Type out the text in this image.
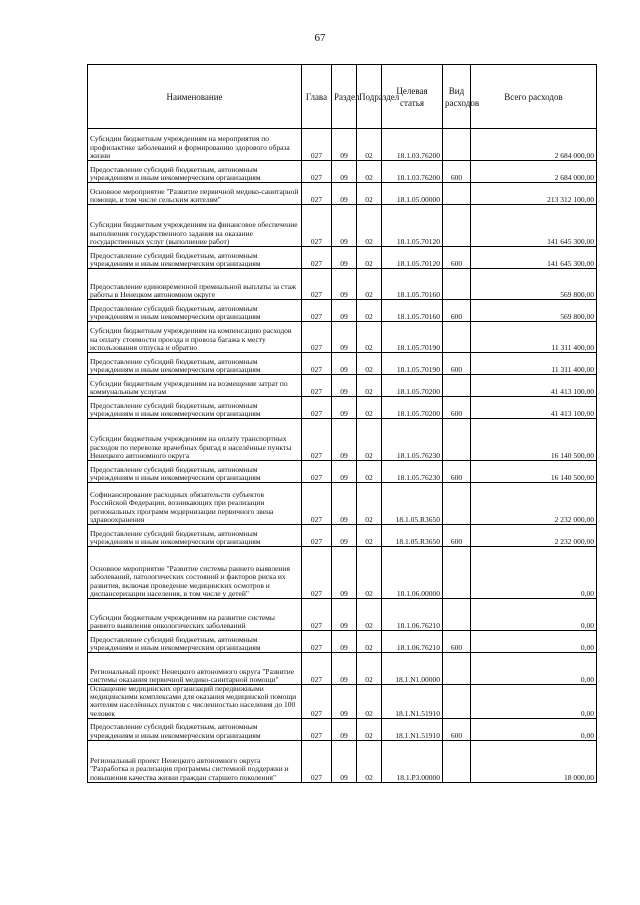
67
Наименование	Глава	Раздел	Подраздел	Целевая статья	Вид расходов	Всего расходов
Субсидии бюджетным учреждениям на мероприятия по профилактике заболеваний и формированию здорового образа жизни	027	09	02	18.1.03.76200		2 684 000,00
Предоставление субсидий бюджетным, автономным учреждениям и иным некоммерческим организациям	027	09	02	18.1.03.76200	600	2 684 000,00
Основное мероприятие "Развитие первичной медико-санитарной помощи, в том числе сельским жителям"	027	09	02	18.1.05.00000		213 312 100,00
Субсидии бюджетным учреждениям на финансовое обеспечение выполнения государственного задания на оказание государственных услуг (выполнение работ)	027	09	02	18.1.05.70120		141 645 300,00
Предоставление субсидий бюджетным, автономным учреждениям и иным некоммерческим организациям	027	09	02	18.1.05.70120	600	141 645 300,00
Предоставление единовременной премиальной выплаты за стаж работы в Ненецком автономном округе	027	09	02	18.1.05.70160		569 800,00
Предоставление субсидий бюджетным, автономным учреждениям и иным некоммерческим организациям	027	09	02	18.1.05.70160	600	569 800,00
Субсидии бюджетным учреждениям на компенсацию расходов на оплату стоимости проезда и провоза багажа к месту использования отпуска и обратно	027	09	02	18.1.05.70190		11 311 400,00
Предоставление субсидий бюджетным, автономным учреждениям и иным некоммерческим организациям	027	09	02	18.1.05.70190	600	11 311 400,00
Субсидии бюджетным учреждениям на возмещение затрат по коммунальным услугам	027	09	02	18.1.05.70200		41 413 100,00
Предоставление субсидий бюджетным, автономным учреждениям и иным некоммерческим организациям	027	09	02	18.1.05.70200	600	41 413 100,00
Субсидии бюджетным учреждениям на оплату транспортных расходов по перевозке врачебных бригад в населённые пункты Ненецкого автономного округа	027	09	02	18.1.05.76230		16 140 500,00
Предоставление субсидий бюджетным, автономным учреждениям и иным некоммерческим организациям	027	09	02	18.1.05.76230	600	16 140 500,00
Софинансирование расходных обязательств субъектов Российской Федерации, возникающих при реализации региональных программ модернизации первичного звена здравоохранения	027	09	02	18.1.05.R3650		2 232 000,00
Предоставление субсидий бюджетным, автономным учреждениям и иным некоммерческим организациям	027	09	02	18.1.05.R3650	600	2 232 000,00
Основное мероприятие "Развитие системы раннего выявления заболеваний, патологических состояний и факторов риска их развития, включая проведение медицинских осмотров и диспансеризации населения, в том числе у детей"	027	09	02	18.1.06.00000		0,00
Субсидии бюджетным учреждениям на развитие системы раннего выявления онкологических заболеваний	027	09	02	18.1.06.76210		0,00
Предоставление субсидий бюджетным, автономным учреждениям и иным некоммерческим организациям	027	09	02	18.1.06.76210	600	0,00
Региональный проект Ненецкого автономного округа "Развитие системы оказания первичной медико-санитарной помощи"	027	09	02	18.1.N1.00000		0,00
Оснащение медицинских организаций передвижными медицинскими комплексами для оказания медицинской помощи жителям населённых пунктов с численностью населения до 100 человек	027	09	02	18.1.N1.51910		0,00
Предоставление субсидий бюджетным, автономным учреждениям и иным некоммерческим организациям	027	09	02	18.1.N1.51910	600	0,00
Региональный проект Ненецкого автономного округа "Разработка и реализация программы системной поддержки и повышения качества жизни граждан старшего поколения"	027	09	02	18.1.P3.00000		18 000,00
